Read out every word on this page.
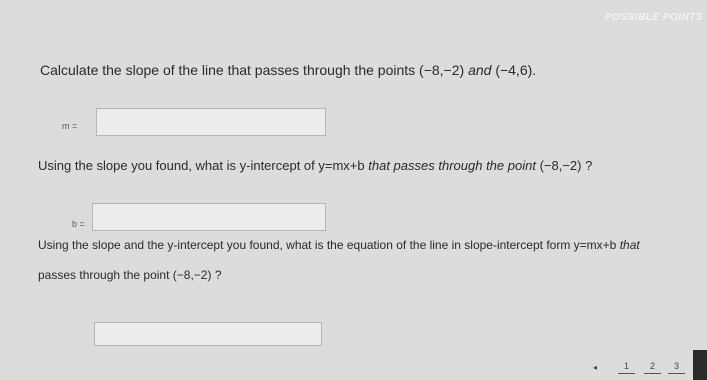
POSSIBLE POINTS
Calculate the slope of the line that passes through the points (−8,−2) and (−4,6).
m =
Using the slope you found, what is y-intercept of y=mx+b that passes through the point (−8,−2) ?
b =
Using the slope and the y-intercept you found, what is the equation of the line in slope-intercept form y=mx+b that
passes through the point (−8,−2) ?
◂	1	2	3
